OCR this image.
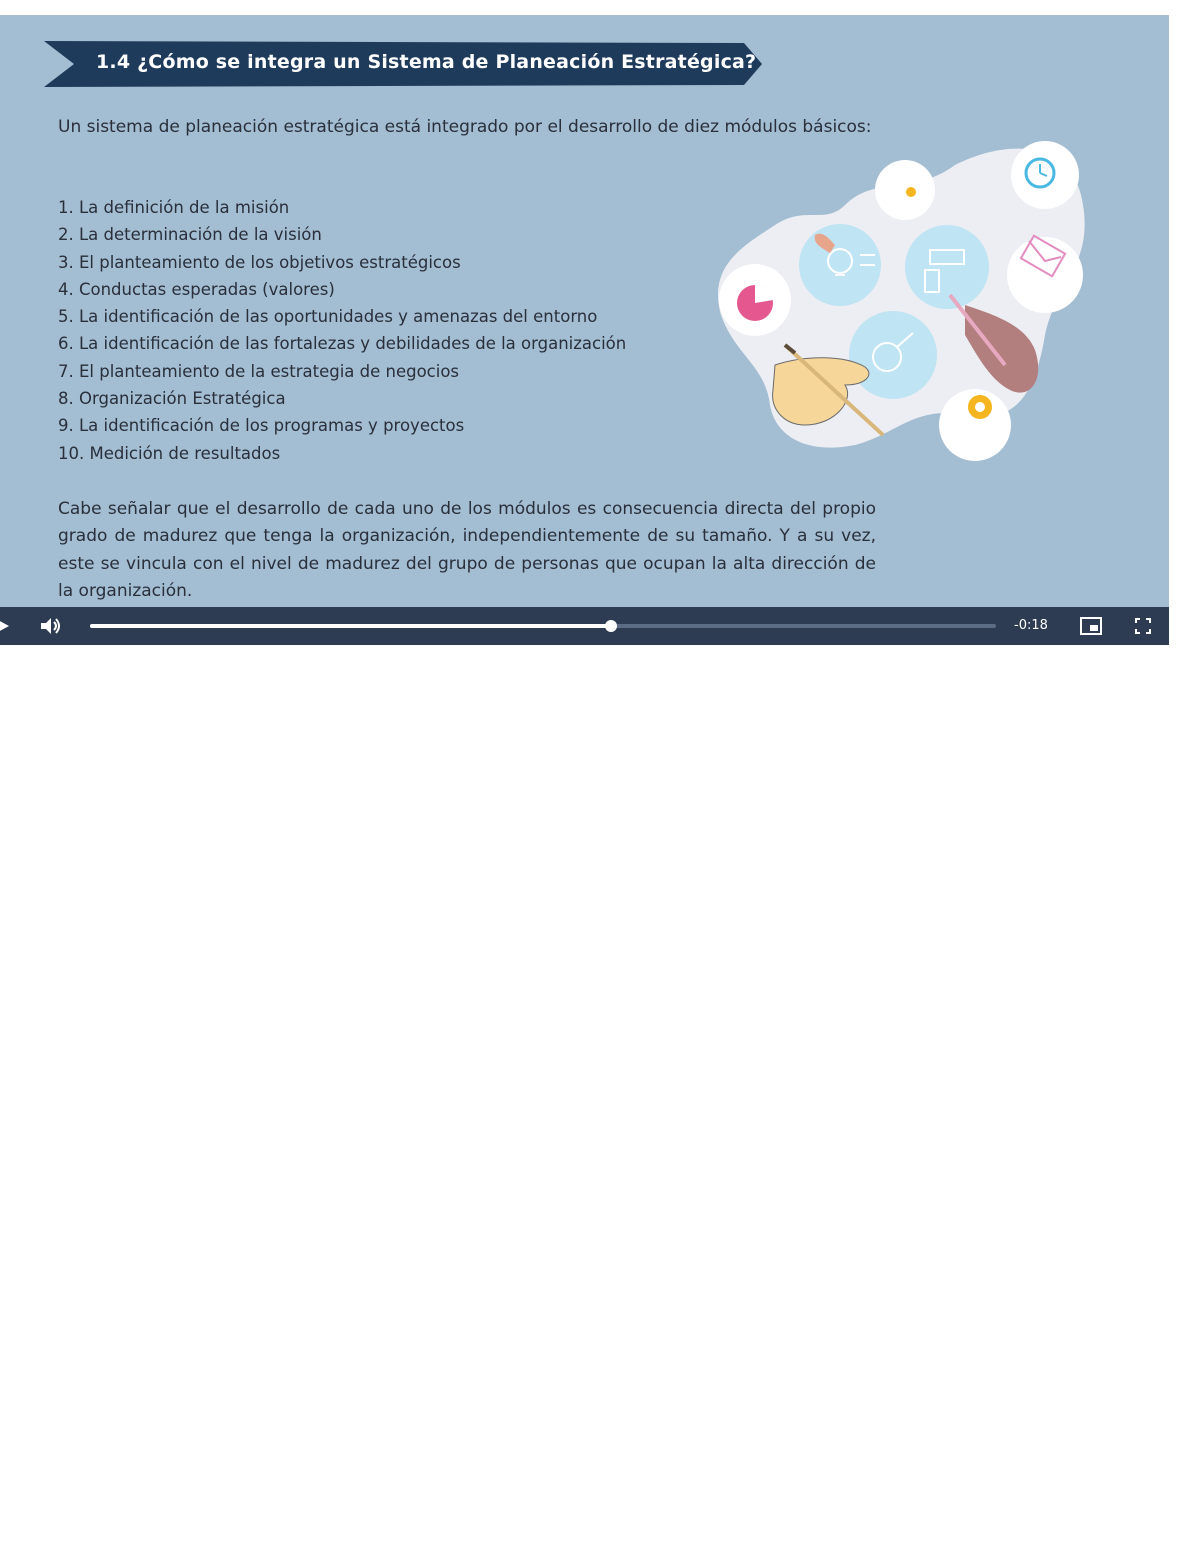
1.4 ¿Cómo se integra un Sistema de Planeación Estratégica?
Un sistema de planeación estratégica está integrado por el desarrollo de diez módulos básicos:
1. La definición de la misión
2. La determinación de la visión
3. El planteamiento de los objetivos estratégicos
4. Conductas esperadas (valores)
5. La identificación de las oportunidades y amenazas del entorno
6. La identificación de las fortalezas y debilidades de la organización
7. El planteamiento de la estrategia de negocios
8. Organización Estratégica
9. La identificación de los programas y proyectos
10. Medición de resultados
Cabe señalar que el desarrollo de cada uno de los módulos es consecuencia directa del propio grado de madurez que tenga la organización, independientemente de su tamaño. Y a su vez, este se vincula con el nivel de madurez del grupo de personas que ocupan la alta dirección de la organización.
-0:18
